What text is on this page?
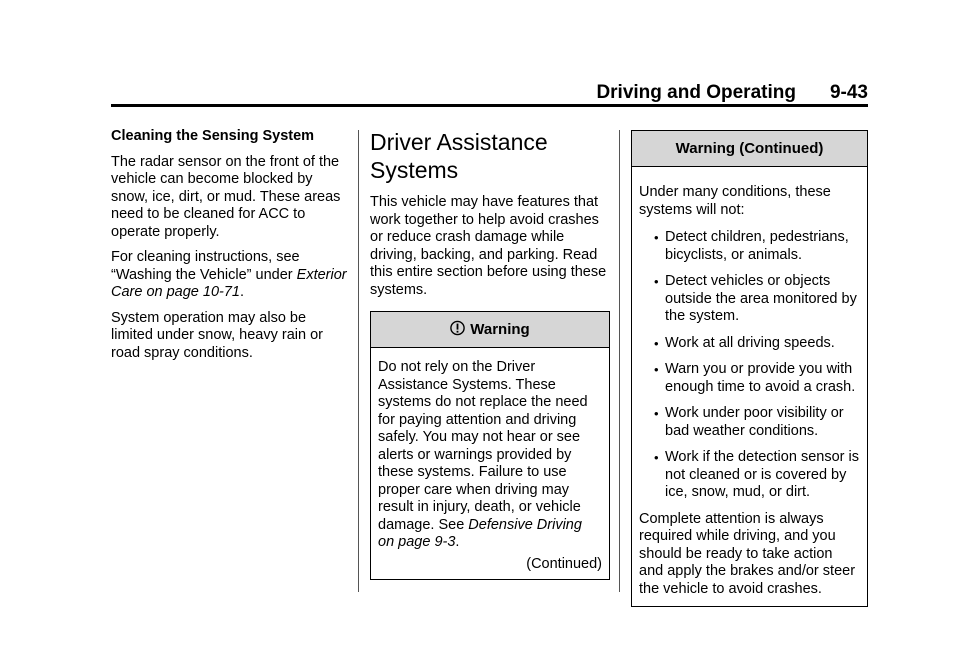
Driving and Operating 9-43

Cleaning the Sensing System

The radar sensor on the front of the vehicle can become blocked by snow, ice, dirt, or mud. These areas need to be cleaned for ACC to operate properly.

For cleaning instructions, see “Washing the Vehicle” under Exterior Care on page 10-71.

System operation may also be limited under snow, heavy rain or road spray conditions.

Driver Assistance Systems

This vehicle may have features that work together to help avoid crashes or reduce crash damage while driving, backing, and parking. Read this entire section before using these systems.

Warning

Do not rely on the Driver Assistance Systems. These systems do not replace the need for paying attention and driving safely. You may not hear or see alerts or warnings provided by these systems. Failure to use proper care when driving may result in injury, death, or vehicle damage. See Defensive Driving on page 9-3.

(Continued)
Warning (Continued)

Under many conditions, these systems will not:

• Detect children, pedestrians, bicyclists, or animals.
• Detect vehicles or objects outside the area monitored by the system.
• Work at all driving speeds.
• Warn you or provide you with enough time to avoid a crash.
• Work under poor visibility or bad weather conditions.
• Work if the detection sensor is not cleaned or is covered by ice, snow, mud, or dirt.

Complete attention is always required while driving, and you should be ready to take action and apply the brakes and/or steer the vehicle to avoid crashes.
